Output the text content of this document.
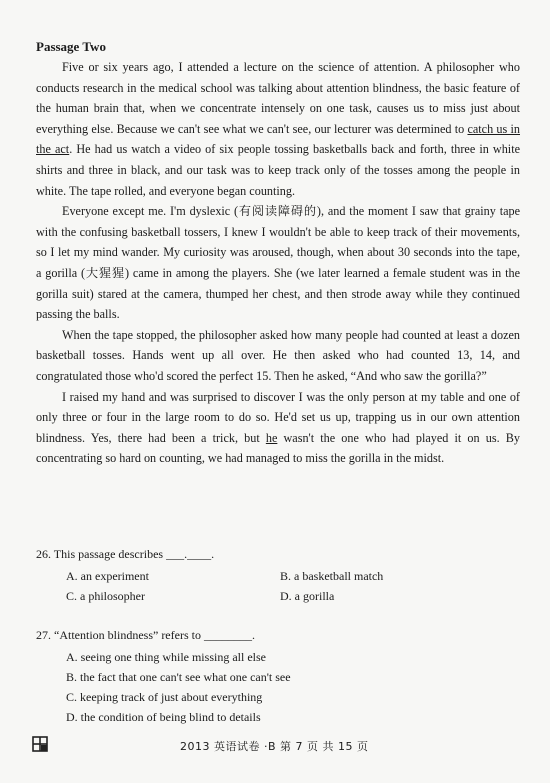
Passage Two

Five or six years ago, I attended a lecture on the science of attention. A philosopher who conducts research in the medical school was talking about attention blindness, the basic feature of the human brain that, when we concentrate intensely on one task, causes us to miss just about everything else. Because we can't see what we can't see, our lecturer was determined to catch us in the act. He had us watch a video of six people tossing basketballs back and forth, three in white shirts and three in black, and our task was to keep track only of the tosses among the people in white. The tape rolled, and everyone began counting.

Everyone except me. I'm dyslexic (有阅读障碍的), and the moment I saw that grainy tape with the confusing basketball tossers, I knew I wouldn't be able to keep track of their movements, so I let my mind wander. My curiosity was aroused, though, when about 30 seconds into the tape, a gorilla (大猩猩) came in among the players. She (we later learned a female student was in the gorilla suit) stared at the camera, thumped her chest, and then strode away while they continued passing the balls.

When the tape stopped, the philosopher asked how many people had counted at least a dozen basketball tosses. Hands went up all over. He then asked who had counted 13, 14, and congratulated those who'd scored the perfect 15. Then he asked, “And who saw the gorilla?”

I raised my hand and was surprised to discover I was the only person at my table and one of only three or four in the large room to do so. He'd set us up, trapping us in our own attention blindness. Yes, there had been a trick, but he wasn't the one who had played it on us. By concentrating so hard on counting, we had managed to miss the gorilla in the midst.

26. This passage describes ___.____.
A. an experiment	B. a basketball match
C. a philosopher	D. a gorilla
27. “Attention blindness” refers to ________.
A. seeing one thing while missing all else
B. the fact that one can't see what one can't see
C. keeping track of just about everything
D. the condition of being blind to details
2013 英语试卷 ·B 第 7 页 共 15 页
